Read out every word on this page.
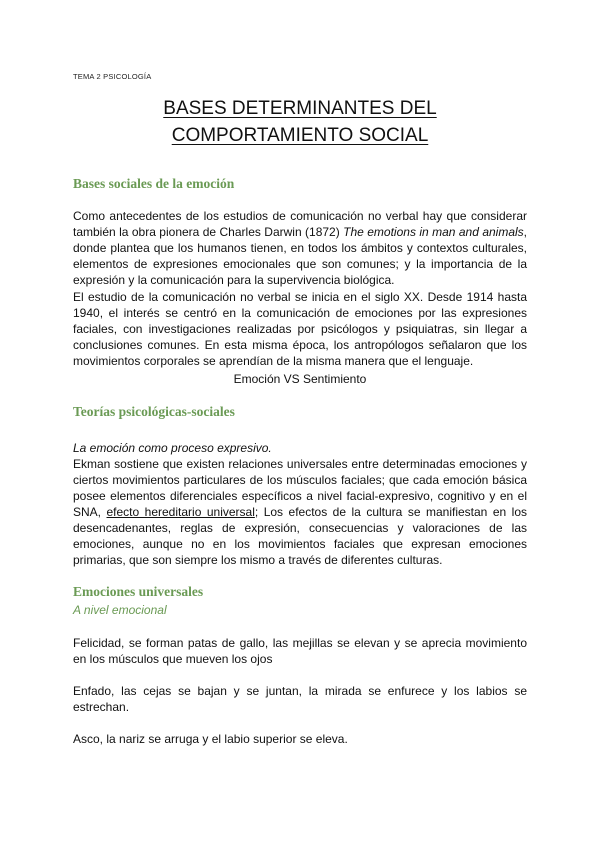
TEMA 2 PSICOLOGÍA
BASES DETERMINANTES DEL
COMPORTAMIENTO SOCIAL
Bases sociales de la emoción
Como antecedentes de los estudios de comunicación no verbal hay que considerar también la obra pionera de Charles Darwin (1872) The emotions in man and animals, donde plantea que los humanos tienen, en todos los ámbitos y contextos culturales, elementos de expresiones emocionales que son comunes; y la importancia de la expresión y la comunicación para la supervivencia biológica.
El estudio de la comunicación no verbal se inicia en el siglo XX. Desde 1914 hasta 1940, el interés se centró en la comunicación de emociones por las expresiones faciales, con investigaciones realizadas por psicólogos y psiquiatras, sin llegar a conclusiones comunes. En esta misma época, los antropólogos señalaron que los movimientos corporales se aprendían de la misma manera que el lenguaje.
Emoción VS Sentimiento
Teorías psicológicas-sociales
La emoción como proceso expresivo.
Ekman sostiene que existen relaciones universales entre determinadas emociones y ciertos movimientos particulares de los músculos faciales; que cada emoción básica posee elementos diferenciales específicos a nivel facial-expresivo, cognitivo y en el SNA, efecto hereditario universal; Los efectos de la cultura se manifiestan en los desencadenantes, reglas de expresión, consecuencias y valoraciones de las emociones, aunque no en los movimientos faciales que expresan emociones primarias, que son siempre los mismo a través de diferentes culturas.
Emociones universales
A nivel emocional
Felicidad, se forman patas de gallo, las mejillas se elevan y se aprecia movimiento en los músculos que mueven los ojos
Enfado, las cejas se bajan y se juntan, la mirada se enfurece y los labios se estrechan.
Asco, la nariz se arruga y el labio superior se eleva.
